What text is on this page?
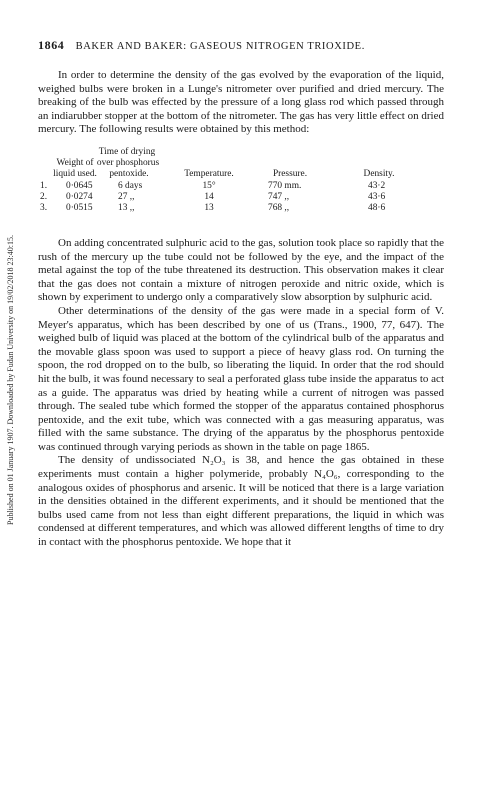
Published on 01 January 1907. Downloaded by Fudan University on 19/02/2018 23:40:15.
1864 BAKER AND BAKER: GASEOUS NITROGEN TRIOXIDE.

In order to determine the density of the gas evolved by the evaporation of the liquid, weighed bulbs were broken in a Lunge's nitrometer over purified and dried mercury. The breaking of the bulb was effected by the pressure of a long glass rod which passed through an indiarubber stopper at the bottom of the nitrometer. The gas has very little effect on dried mercury. The following results were obtained by this method:

Time of drying
Weight of over phosphorus
liquid used.	pentoxide.	Temperature.	Pressure.	Density.
1. 0·0645	6 days	15°	770 mm.	43·2
2. 0·0274	27 ,,	14	747 ,,	43·6
3. 0·0515	13 ,,	13	768 ,,	48·6

On adding concentrated sulphuric acid to the gas, solution took place so rapidly that the rush of the mercury up the tube could not be followed by the eye, and the impact of the metal against the top of the tube threatened its destruction. This observation makes it clear that the gas does not contain a mixture of nitrogen peroxide and nitric oxide, which is shown by experiment to undergo only a comparatively slow absorption by sulphuric acid.

Other determinations of the density of the gas were made in a special form of V. Meyer's apparatus, which has been described by one of us (Trans., 1900, 77, 647). The weighed bulb of liquid was placed at the bottom of the cylindrical bulb of the apparatus and the movable glass spoon was used to support a piece of heavy glass rod. On turning the spoon, the rod dropped on to the bulb, so liberating the liquid. In order that the rod should hit the bulb, it was found necessary to seal a perforated glass tube inside the apparatus to act as a guide. The apparatus was dried by heating while a current of nitrogen was passed through. The sealed tube which formed the stopper of the apparatus contained phosphorus pentoxide, and the exit tube, which was connected with a gas measuring apparatus, was filled with the same substance. The drying of the apparatus by the phosphorus pentoxide was continued through varying periods as shown in the table on page 1865.

The density of undissociated N₂O₃ is 38, and hence the gas obtained in these experiments must contain a higher polymeride, probably N₄O₆, corresponding to the analogous oxides of phosphorus and arsenic. It will be noticed that there is a large variation in the densities obtained in the different experiments, and it should be mentioned that the bulbs used came from not less than eight different preparations, the liquid in which was condensed at different temperatures, and which was allowed different lengths of time to dry in contact with the phosphorus pentoxide. We hope that it
